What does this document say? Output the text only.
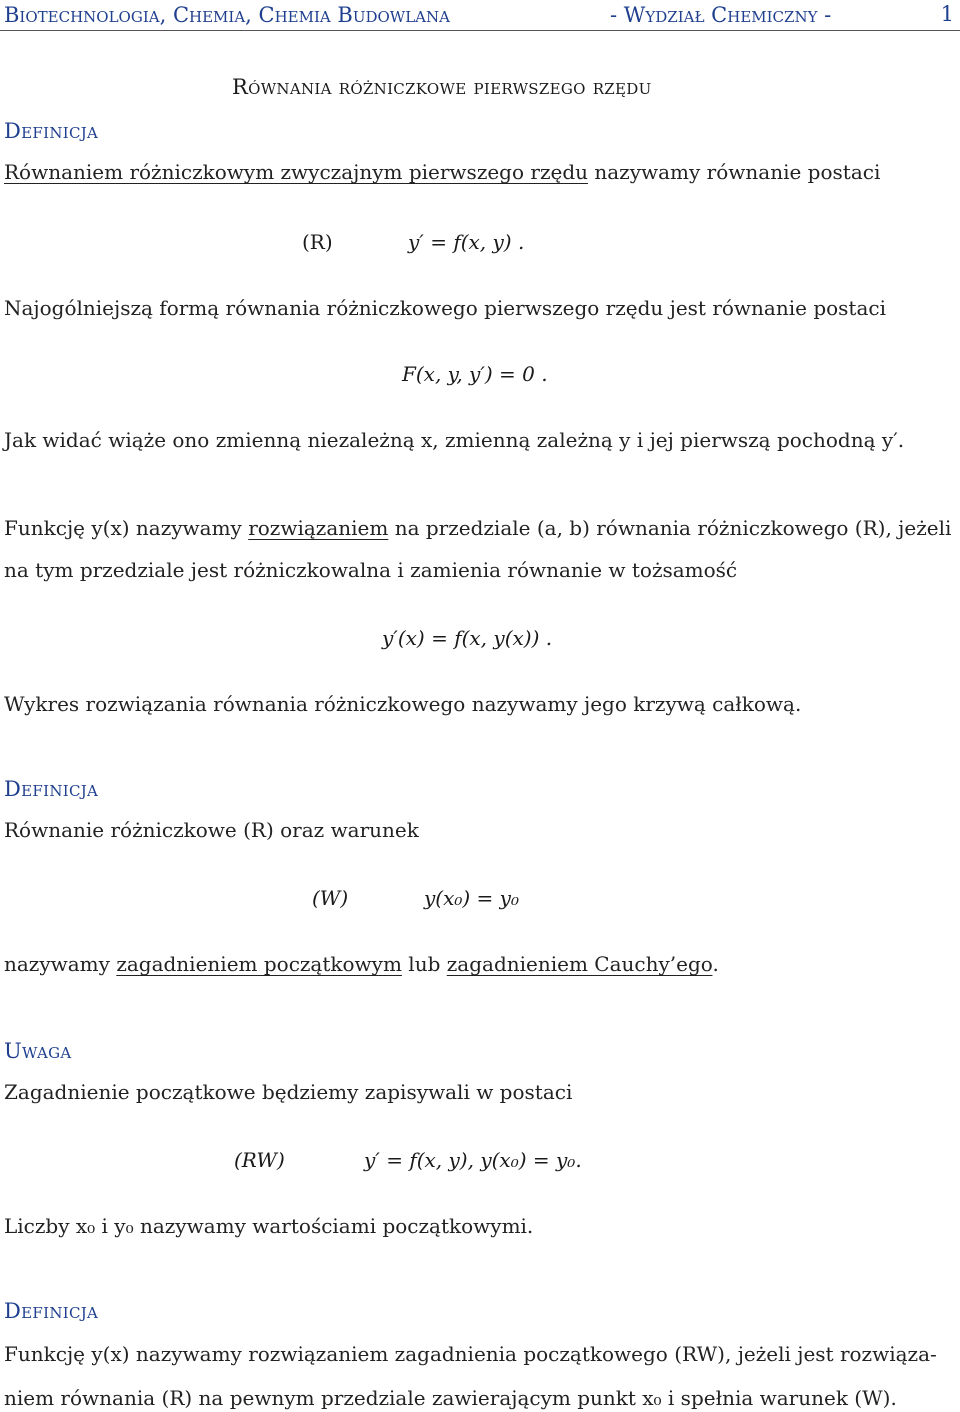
Biotechnologia, Chemia, Chemia Budowlana	- Wydział Chemiczny -	1
Równania różniczkowe pierwszego rzędu
Definicja
Równaniem różniczkowym zwyczajnym pierwszego rzędu nazywamy równanie postaci
(R)	y′ = f(x, y) .
Najogólniejszą formą równania różniczkowego pierwszego rzędu jest równanie postaci
F(x, y, y′) = 0 .
Jak widać wiąże ono zmienną niezależną x, zmienną zależną y i jej pierwszą pochodną y′.
Funkcję y(x) nazywamy rozwiązaniem na przedziale (a, b) równania różniczkowego (R), jeżeli
na tym przedziale jest różniczkowalna i zamienia równanie w tożsamość
y′(x) = f(x, y(x)) .
Wykres rozwiązania równania różniczkowego nazywamy jego krzywą całkową.
Definicja
Równanie różniczkowe (R) oraz warunek
(W)	y(x₀) = y₀
nazywamy zagadnieniem początkowym lub zagadnieniem Cauchy’ego.
Uwaga
Zagadnienie początkowe będziemy zapisywali w postaci
(RW)	y′ = f(x, y), y(x₀) = y₀.
Liczby x₀ i y₀ nazywamy wartościami początkowymi.
Definicja
Funkcję y(x) nazywamy rozwiązaniem zagadnienia początkowego (RW), jeżeli jest rozwiąza-
niem równania (R) na pewnym przedziale zawierającym punkt x₀ i spełnia warunek (W).
